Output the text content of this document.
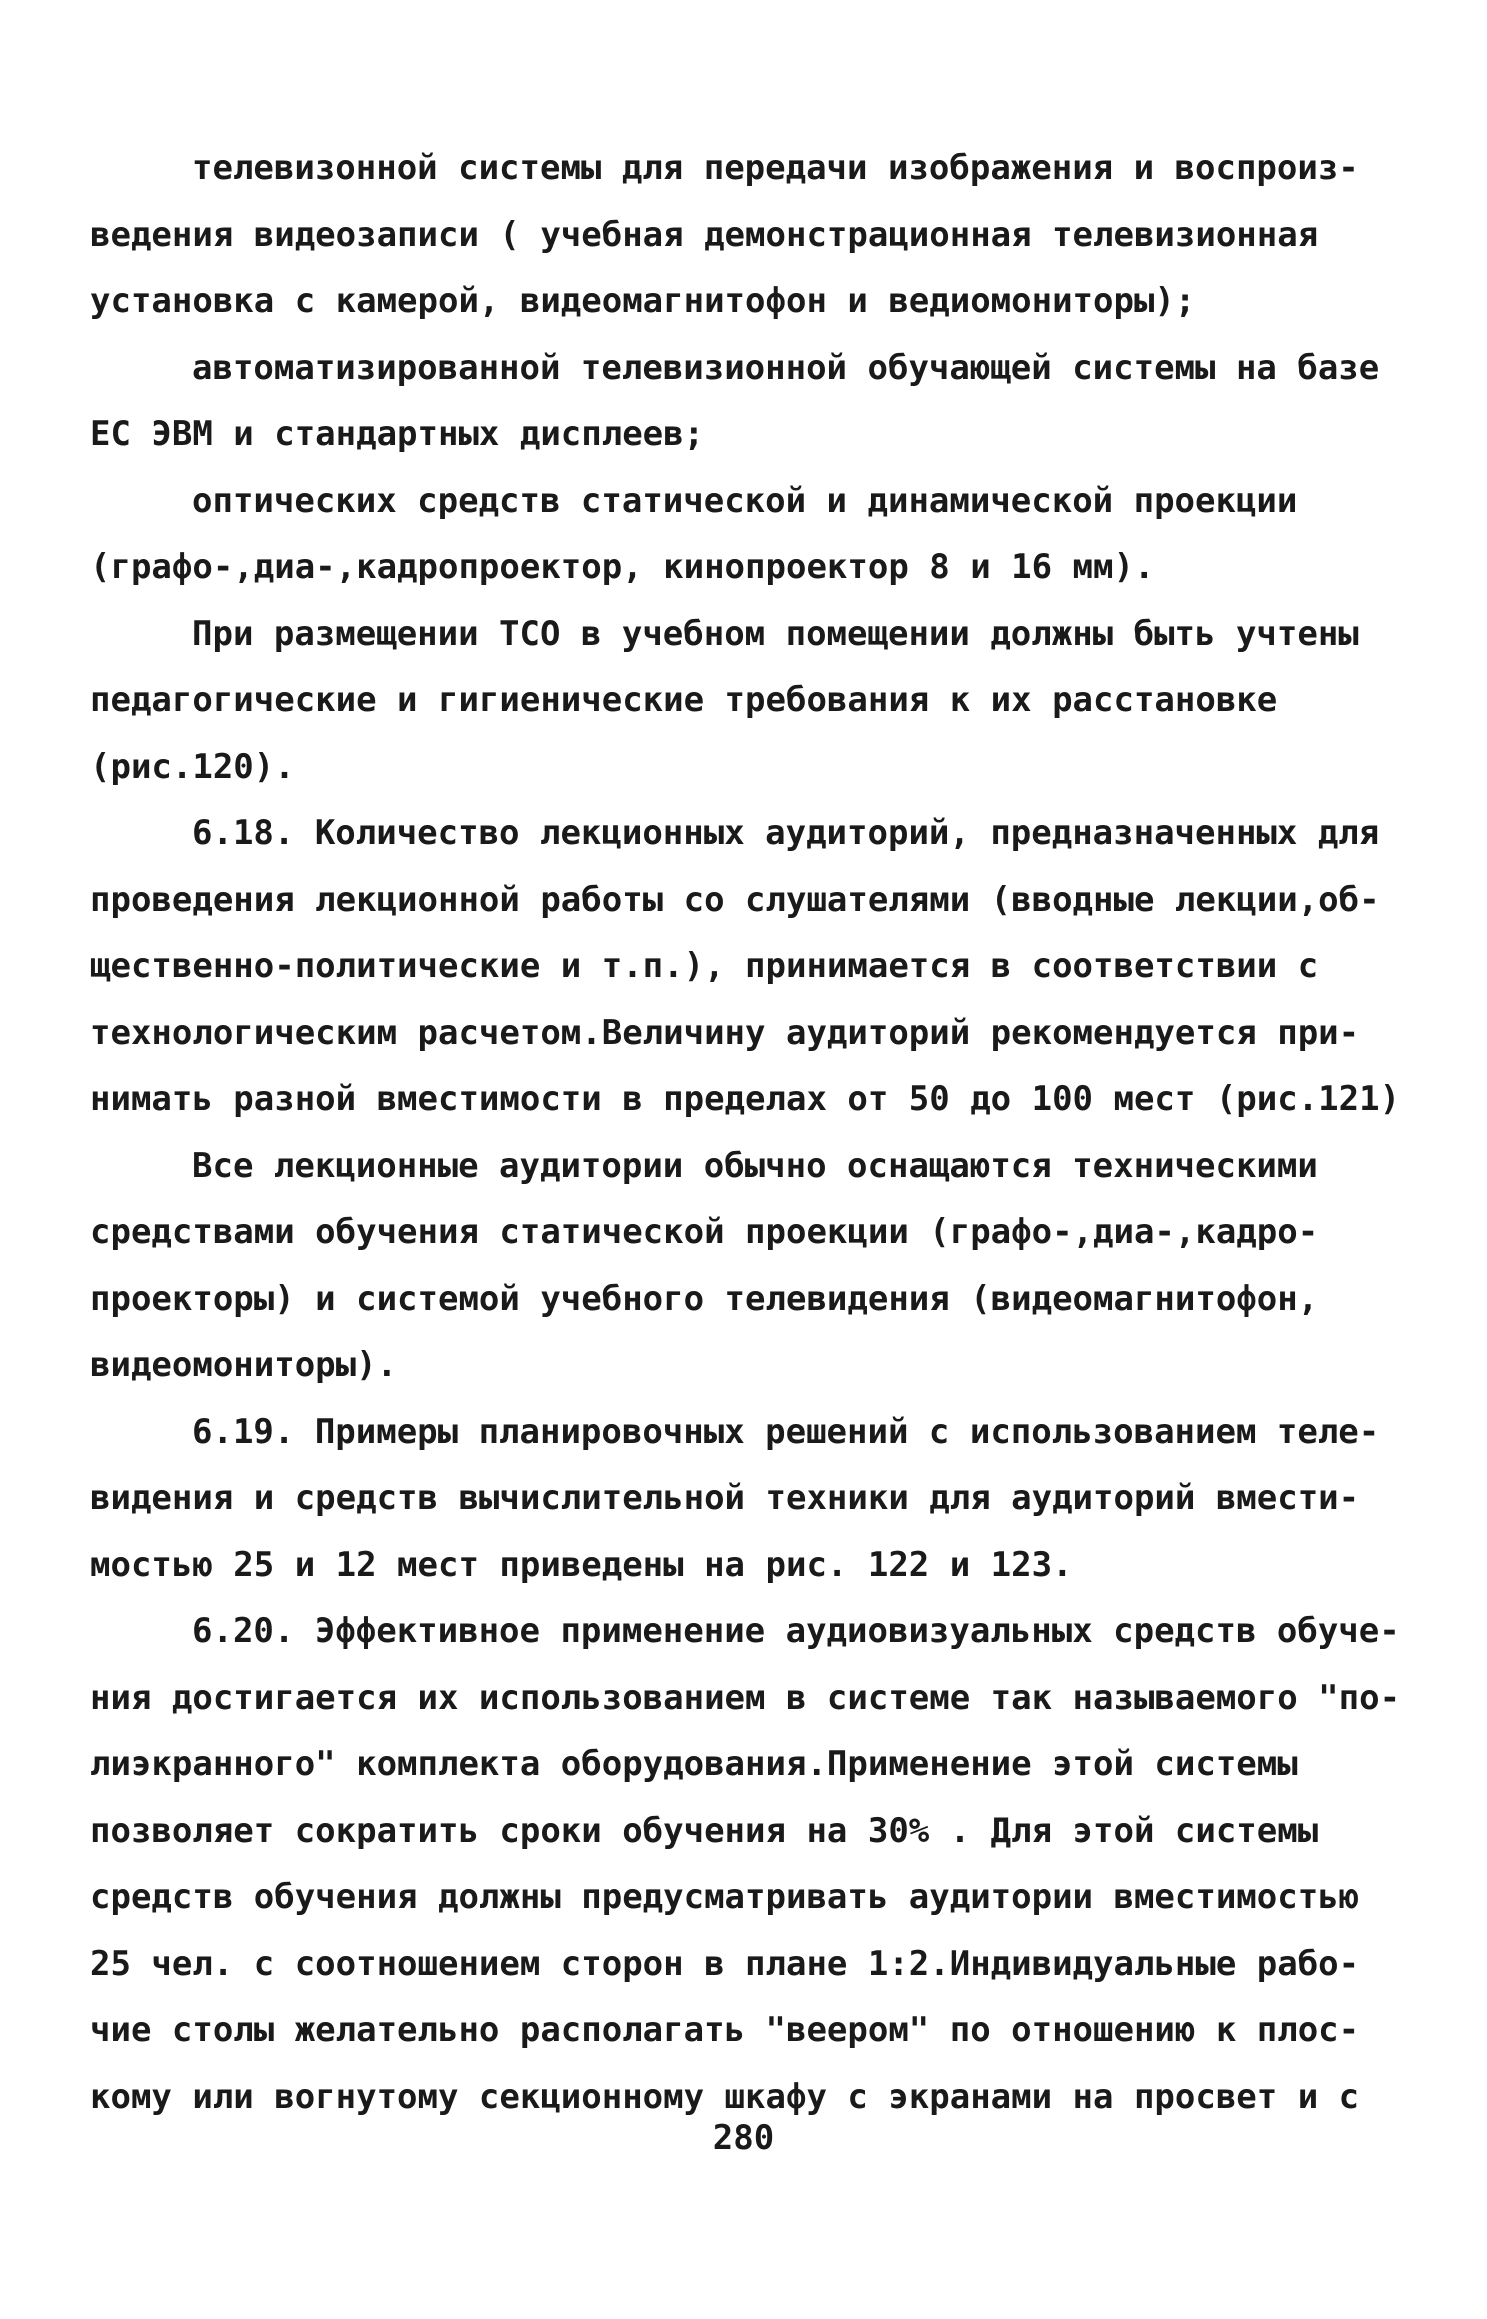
телевизонной системы для передачи изображения и воспроиз-
ведения видеозаписи ( учебная демонстрационная телевизионная
установка с камерой, видеомагнитофон и ведиомониторы);
автоматизированной телевизионной обучающей системы на базе
ЕС ЭВМ и стандартных дисплеев;
оптических средств статической и динамической проекции
(графо-,диа-,кадропроектор, кинопроектор 8 и 16 мм).
При размещении ТСО в учебном помещении должны быть учтены
педагогические и гигиенические требования к их расстановке
(рис.120).
6.18. Количество лекционных аудиторий, предназначенных для
проведения лекционной работы со слушателями (вводные лекции,об-
щественно-политические и т.п.), принимается в соответствии с
технологическим расчетом.Величину аудиторий рекомендуется при-
нимать разной вместимости в пределах от 50 до 100 мест (рис.121)
Все лекционные аудитории обычно оснащаются техническими
средствами обучения статической проекции (графо-,диа-,кадро-
проекторы) и системой учебного телевидения (видеомагнитофон,
видеомониторы).
6.19. Примеры планировочных решений с использованием теле-
видения и средств вычислительной техники для аудиторий вмести-
мостью 25 и 12 мест приведены на рис. 122 и 123.
6.20. Эффективное применение аудиовизуальных средств обуче-
ния достигается их использованием в системе так называемого "по-
лиэкранного" комплекта оборудования.Применение этой системы
позволяет сократить сроки обучения на 30% . Для этой системы
средств обучения должны предусматривать аудитории вместимостью
25 чел. с соотношением сторон в плане 1:2.Индивидуальные рабо-
чие столы желательно располагать "веером" по отношению к плос-
кому или вогнутому секционному шкафу с экранами на просвет и с
280
